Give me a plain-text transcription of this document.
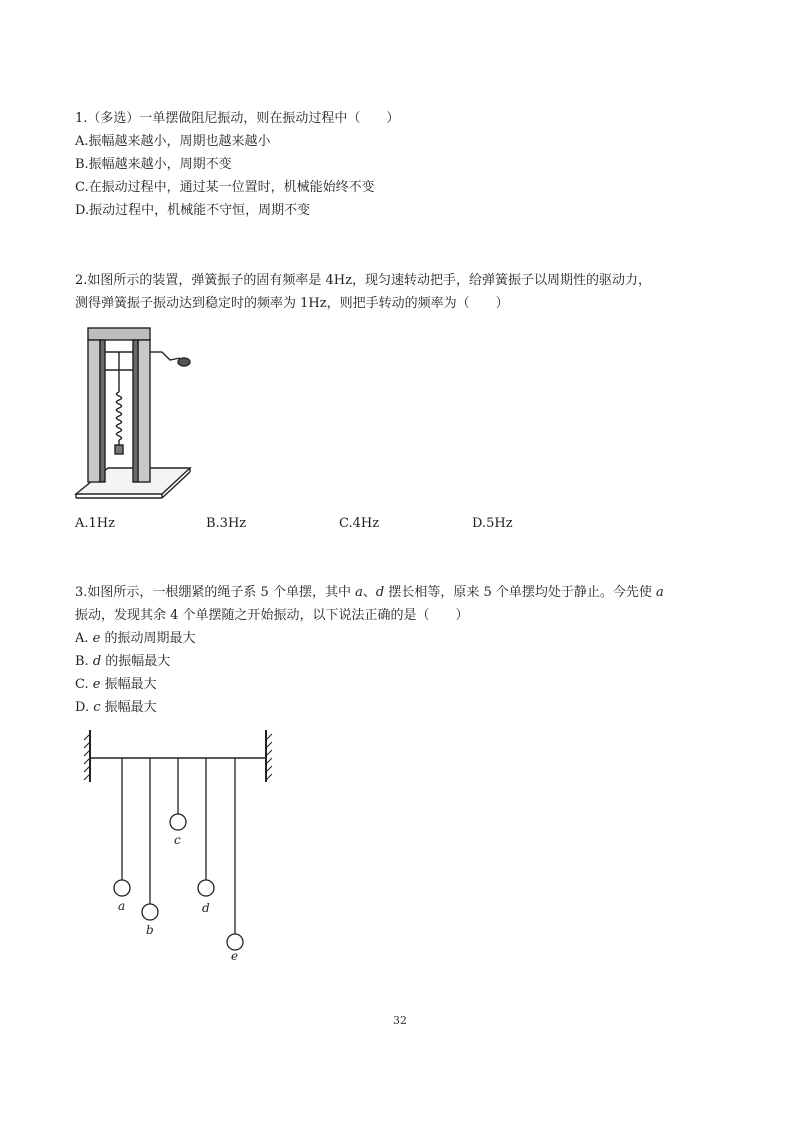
1.（多选）一单摆做阻尼振动，则在振动过程中（　　）
A.振幅越来越小，周期也越来越小
B.振幅越来越小，周期不变
C.在振动过程中，通过某一位置时，机械能始终不变
D.振动过程中，机械能不守恒，周期不变
2.如图所示的装置，弹簧振子的固有频率是 4Hz，现匀速转动把手，给弹簧振子以周期性的驱动力，
测得弹簧振子振动达到稳定时的频率为 1Hz，则把手转动的频率为（　　）
A.1Hz	B.3Hz	C.4Hz	D.5Hz
3.如图所示，一根绷紧的绳子系 5 个单摆，其中 a、d 摆长相等，原来 5 个单摆均处于静止。今先使 a
振动，发现其余 4 个单摆随之开始振动，以下说法正确的是（　　）
A. e 的振动周期最大
B. d 的振幅最大
C. e 振幅最大
D. c 振幅最大
a
b
c
d
e
32
